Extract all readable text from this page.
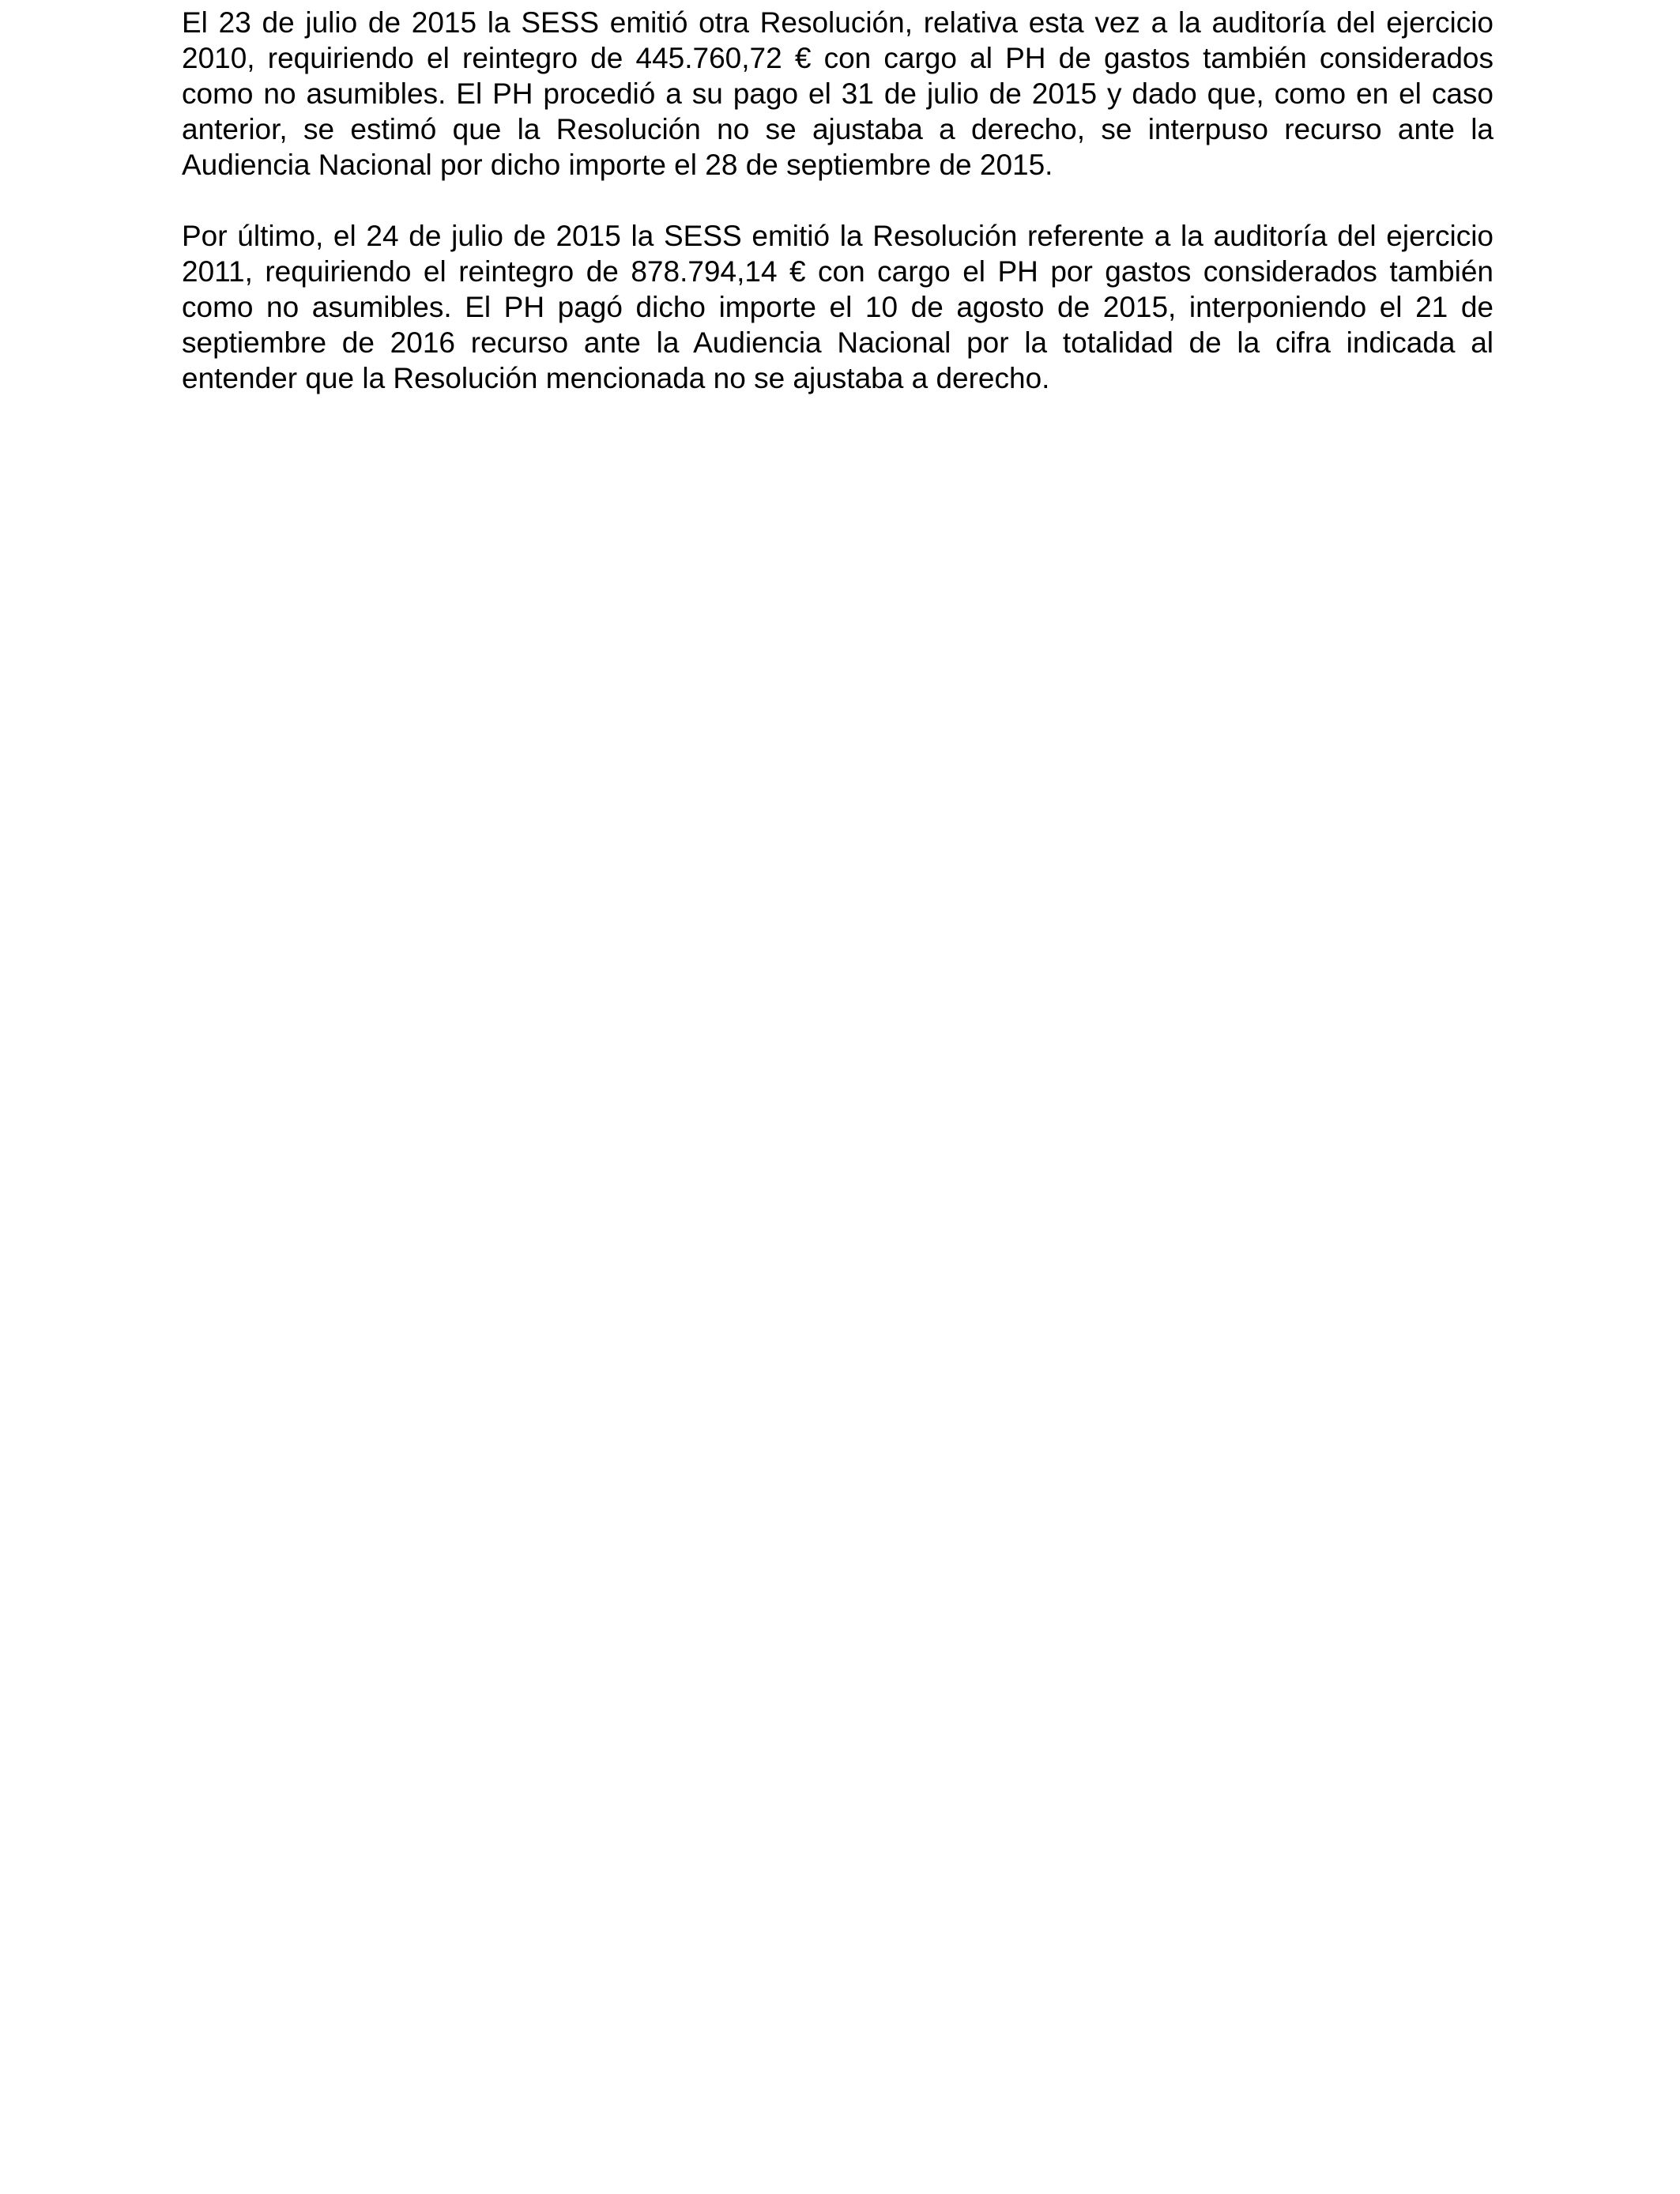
El 23 de julio de 2015 la SESS emitió otra Resolución, relativa esta vez a la auditoría del ejercicio 2010, requiriendo el reintegro de 445.760,72 € con cargo al PH de gastos también considerados como no asumibles. El PH procedió a su pago el 31 de julio de 2015 y dado que, como en el caso anterior, se estimó que la Resolución no se ajustaba a derecho, se interpuso recurso ante la Audiencia Nacional por dicho importe el 28 de septiembre de 2015.

Por último, el 24 de julio de 2015 la SESS emitió la Resolución referente a la auditoría del ejercicio 2011, requiriendo el reintegro de 878.794,14 € con cargo el PH por gastos considerados también como no asumibles. El PH pagó dicho importe el 10 de agosto de 2015, interponiendo el 21 de septiembre de 2016 recurso ante la Audiencia Nacional por la totalidad de la cifra indicada al entender que la Resolución mencionada no se ajustaba a derecho.
